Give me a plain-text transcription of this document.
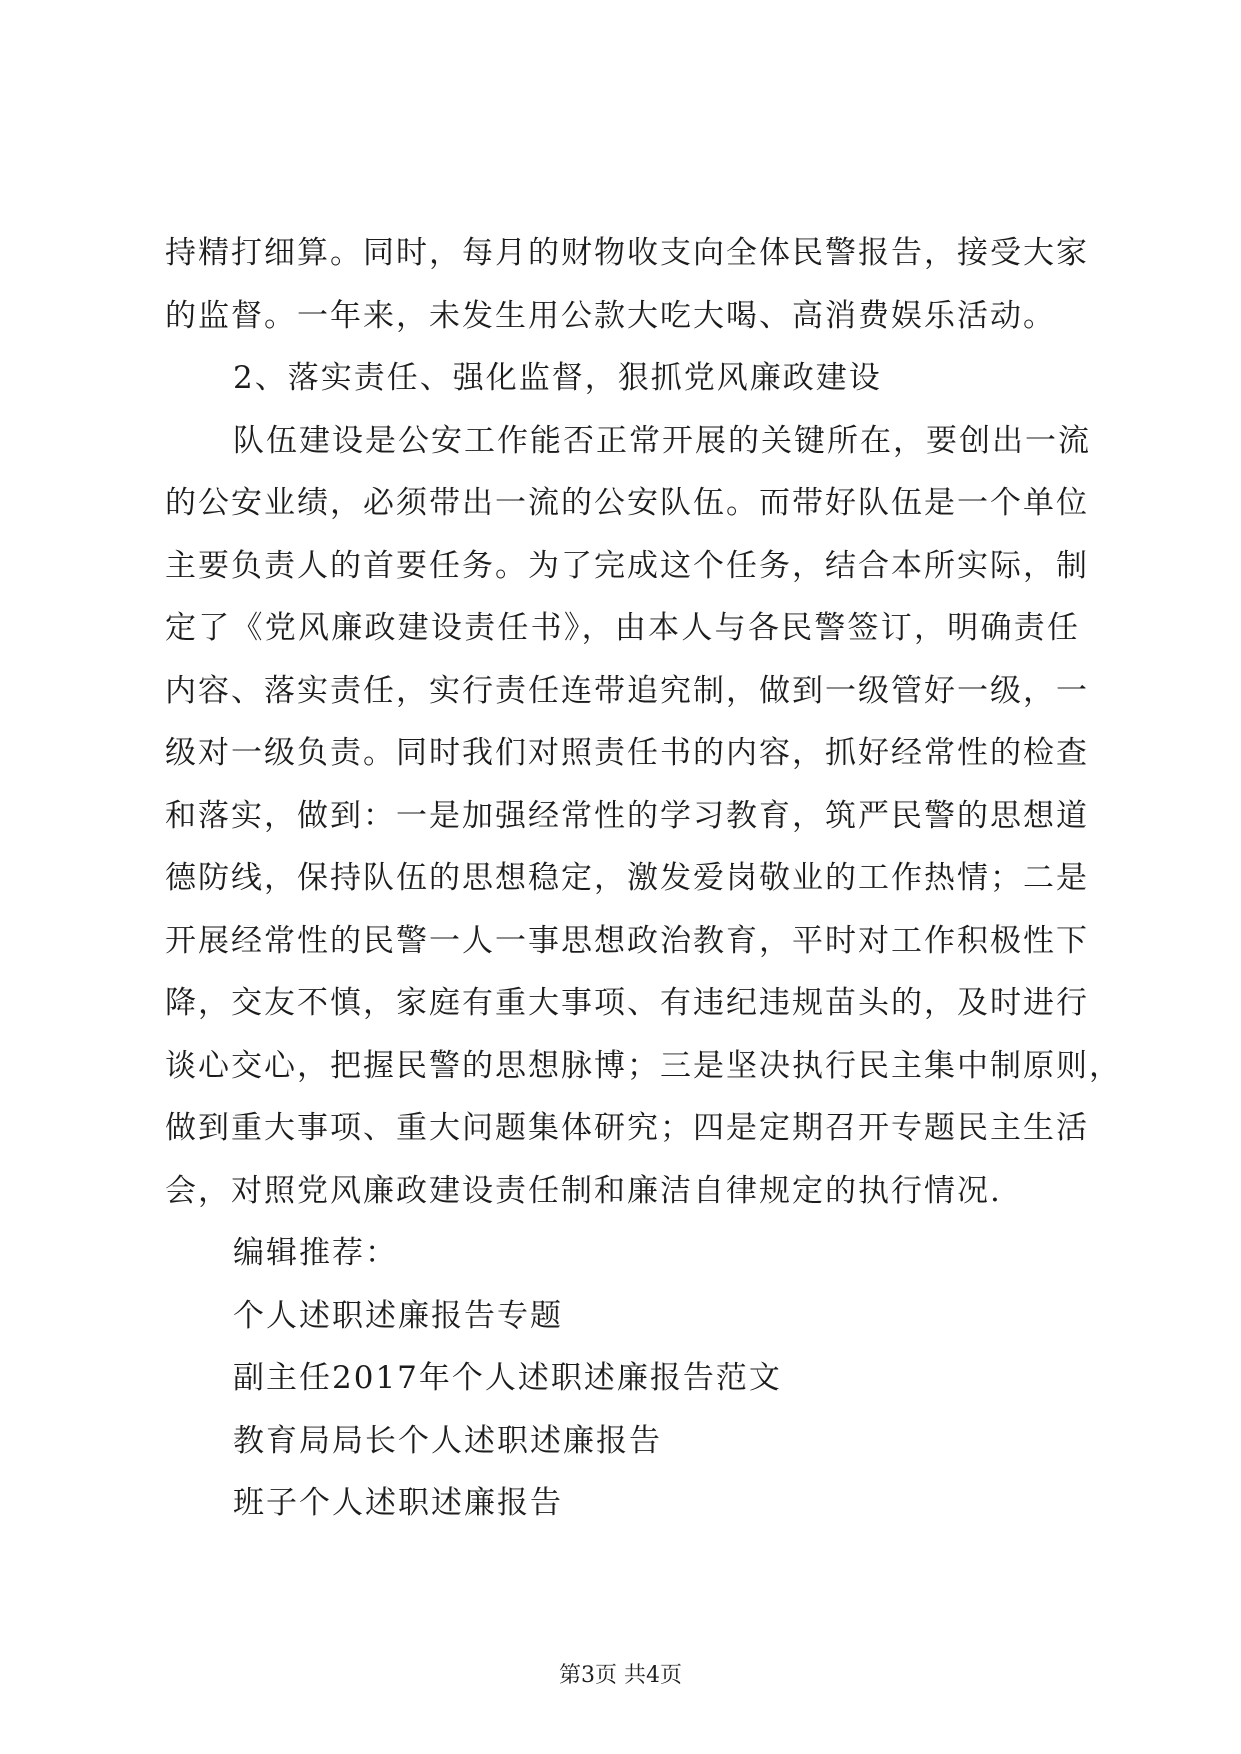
持精打细算。同时，每月的财物收支向全体民警报告，接受大家
的监督。一年来，未发生用公款大吃大喝、高消费娱乐活动。
2、落实责任、强化监督，狠抓党风廉政建设
队伍建设是公安工作能否正常开展的关键所在，要创出一流
的公安业绩，必须带出一流的公安队伍。而带好队伍是一个单位
主要负责人的首要任务。为了完成这个任务，结合本所实际，制
定了《党风廉政建设责任书》，由本人与各民警签订，明确责任
内容、落实责任，实行责任连带追究制，做到一级管好一级，一
级对一级负责。同时我们对照责任书的内容，抓好经常性的检查
和落实，做到：一是加强经常性的学习教育，筑严民警的思想道
德防线，保持队伍的思想稳定，激发爱岗敬业的工作热情；二是
开展经常性的民警一人一事思想政治教育，平时对工作积极性下
降，交友不慎，家庭有重大事项、有违纪违规苗头的，及时进行
谈心交心，把握民警的思想脉博；三是坚决执行民主集中制原则，
做到重大事项、重大问题集体研究；四是定期召开专题民主生活
会，对照党风廉政建设责任制和廉洁自律规定的执行情况.
编辑推荐：
个人述职述廉报告专题
副主任2017年个人述职述廉报告范文
教育局局长个人述职述廉报告
班子个人述职述廉报告
第3页 共4页
